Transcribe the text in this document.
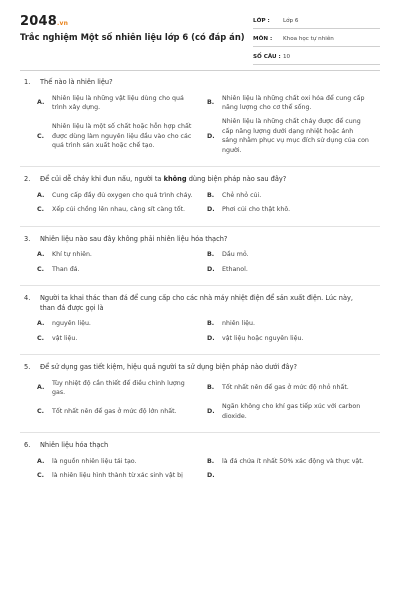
2048.vn
Trắc nghiệm Một số nhiên liệu lớp 6 (có đáp án)
LỚP :	Lớp 6
MÔN :	Khoa học tự nhiên
SỐ CÂU : 10
1.	Thế nào là nhiên liệu?
A.
Nhiên liệu là những vật liệu dùng cho quá trình xây dựng.
B.
Nhiên liệu là những chất oxi hóa để cung cấp năng lượng cho cơ thể sống.
C.
Nhiên liệu là một số chất hoặc hỗn hợp chất được dùng làm nguyên liệu đầu vào cho các quá trình sản xuất hoặc chế tạo.
D.
Nhiên liệu là những chất cháy được để cung cấp năng lượng dưới dạng nhiệt hoặc ánh sáng nhằm phục vụ mục đích sử dụng của con người.
2.	Để củi dễ cháy khi đun nấu, người ta không dùng biện pháp nào sau đây?
A.	Cung cấp đầy đủ oxygen cho quá trình cháy.	B.	Chẻ nhỏ củi.
C.	Xếp củi chồng lên nhau, càng sít càng tốt.	D.	Phơi củi cho thật khô.
3.	Nhiên liệu nào sau đây không phải nhiên liệu hóa thạch?
A.	Khí tự nhiên.	B.	Dầu mỏ.
C.	Than đá.	D.	Ethanol.
4.	Người ta khai thác than đá để cung cấp cho các nhà máy nhiệt điện để sản xuất điện. Lúc này, than đá được gọi là
A.	nguyên liệu.	B.	nhiên liệu.
C.	vật liệu.	D.	vật liệu hoặc nguyên liệu.
5.	Để sử dụng gas tiết kiệm, hiệu quả người ta sử dụng biện pháp nào dưới đây?
A.
Tùy nhiệt độ cần thiết để điều chỉnh lượng gas.
B.	Tốt nhất nên để gas ở mức độ nhỏ nhất.
C.	Tốt nhất nên để gas ở mức độ lớn nhất.	D.
Ngăn không cho khí gas tiếp xúc với carbon dioxide.
6.	Nhiên liệu hóa thạch
A.	là nguồn nhiên liệu tái tạo.	B.	là đá chứa ít nhất 50% xác động và thực vật.
C.	là nhiên liệu hình thành từ xác sinh vật bị	D.
